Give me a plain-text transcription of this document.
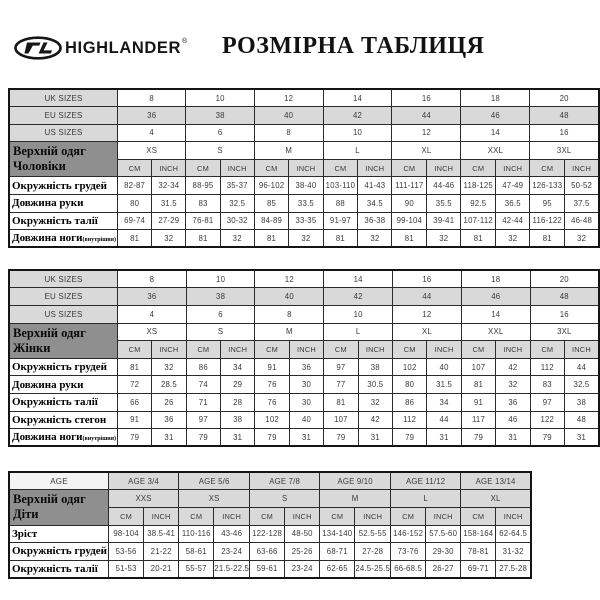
HIGHLANDER ® РОЗМІРНА ТАБЛИЦЯ
UK SIZES	8		10		12		14		16		18		20	
EU SIZES	36		38		40		42		44		46		48	
US SIZES	4		6		8		10		12		14		16	

Верхній одяг
Чоловіки	XS		S		M		L		XL		XXL		3XL	
	CM	INCH	CM	INCH	CM	INCH	CM	INCH	CM	INCH	CM	INCH	CM	INCH
Окружність грудей	82-87	32-34	88-95	35-37	96-102	38-40	103-110	41-43	111-117	44-46	118-125	47-49	126-133	50-52
Довжина руки	80	31.5	83	32.5	85	33.5	88	34.5	90	35.5	92.5	36.5	95	37.5
Окружність талії	69-74	27-29	76-81	30-32	84-89	33-35	91-97	36-38	99-104	39-41	107-112	42-44	116-122	46-48
Довжина ноги(внутрішня)	81	32	81	32	81	32	81	32	81	32	81	32	81	32
UK SIZES	8		10		12		14		16		18		20	
EU SIZES	36		38		40		42		44		46		48	
US SIZES	4		6		8		10		12		14		16	

Верхній одяг
Жінки	XS		S		M		L		XL		XXL		3XL	
	CM	INCH	CM	INCH	CM	INCH	CM	INCH	CM	INCH	CM	INCH	CM	INCH
Окружність грудей	81	32	86	34	91	36	97	38	102	40	107	42	112	44
Довжина руки	72	28.5	74	29	76	30	77	30.5	80	31.5	81	32	83	32.5
Окружність талії	66	26	71	28	76	30	81	32	86	34	91	36	97	38
Окружність стегон	91	36	97	38	102	40	107	42	112	44	117	46	122	48
Довжина ноги(внутрішня)	79	31	79	31	79	31	79	31	79	31	79	31	79	31
AGE	AGE 3/4		AGE 5/6		AGE 7/8		AGE 9/10		AGE 11/12		AGE 13/14	

Верхній одяг
Діти	XXS		XS		S		M		L		XL	
	CM	INCH	CM	INCH	CM	INCH	CM	INCH	CM	INCH	CM	INCH
Зріст	98-104	38.5-41	110-116	43-46	122-128	48-50	134-140	52.5-55	146-152	57.5-60	158-164	62-64.5
Окружність грудей	53-56	21-22	58-61	23-24	63-66	25-26	68-71	27-28	73-76	29-30	78-81	31-32
Окружність талії	51-53	20-21	55-57	21.5-22.5	59-61	23-24	62-65	24.5-25.5	66-68.5	26-27	69-71	27.5-28
